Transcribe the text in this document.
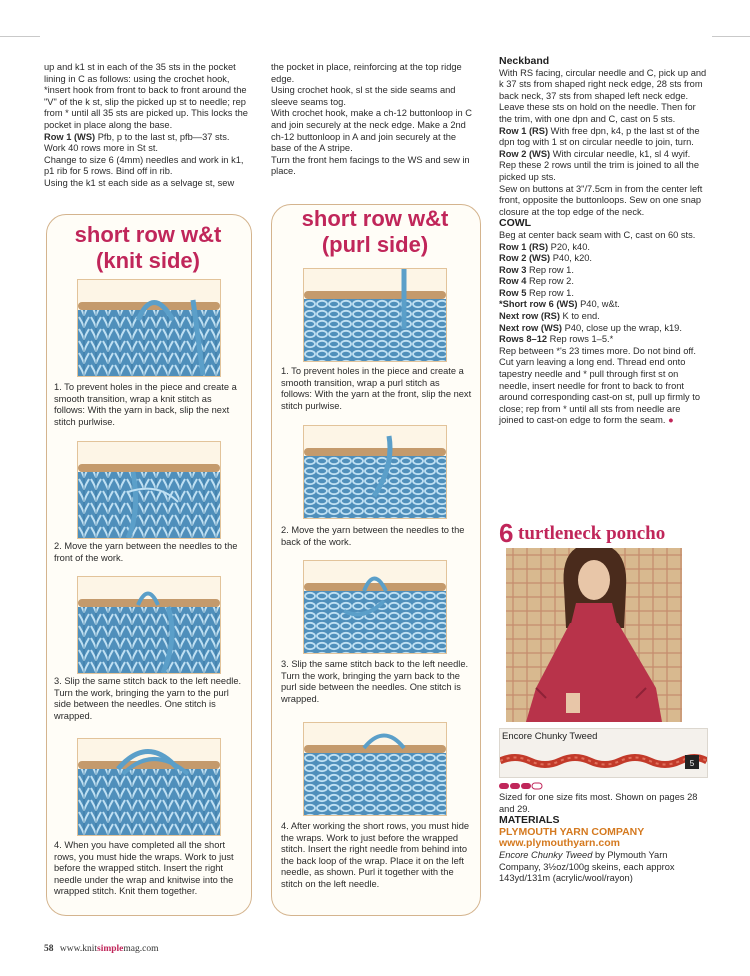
up and k1 st in each of the 35 sts in the pocket lining in C as follows: using the crochet hook, *insert hook from front to back to front around the "V" of the k st, slip the picked up st to needle; rep from * until all 35 sts are picked up. This locks the pocket in place along the base.

Row 1 (WS) Pfb, p to the last st, pfb—37 sts. Work 40 rows more in St st.

Change to size 6 (4mm) needles and work in k1, p1 rib for 5 rows. Bind off in rib.

Using the k1 st each side as a selvage st, sew

the pocket in place, reinforcing at the top ridge edge.

Using crochet hook, sl st the side seams and sleeve seams tog.

With crochet hook, make a ch-12 buttonloop in C and join securely at the neck edge. Make a 2nd ch-12 buttonloop in A and join securely at the base of the A stripe.

Turn the front hem facings to the WS and sew in place.

short row w&t
(knit side)
short row w&t
(purl side)
1. To prevent holes in the piece and create a smooth transition, wrap a knit stitch as follows: With the yarn in back, slip the next stitch purlwise.
2. Move the yarn between the needles to the front of the work.
3. Slip the same stitch back to the left needle. Turn the work, bringing the yarn to the purl side between the needles. One stitch is wrapped.
4. When you have completed all the short rows, you must hide the wraps. Work to just before the wrapped stitch. Insert the right needle under the wrap and knitwise into the wrapped stitch. Knit them together.
1. To prevent holes in the piece and create a smooth transition, wrap a purl stitch as follows: With the yarn at the front, slip the next stitch purlwise.
2. Move the yarn between the needles to the back of the work.
3. Slip the same stitch back to the left needle. Turn the work, bringing the yarn back to the purl side between the needles. One stitch is wrapped.
4. After working the short rows, you must hide the wraps. Work to just before the wrapped stitch. Insert the right needle from behind into the back loop of the wrap. Place it on the left needle, as shown. Purl it together with the stitch on the left needle.

Neckband

With RS facing, circular needle and C, pick up and k 37 sts from shaped right neck edge, 28 sts from back neck, 37 sts from shaped left neck edge. Leave these sts on hold on the needle. Then for the trim, with one dpn and C, cast on 5 sts.

Row 1 (RS) With free dpn, k4, p the last st of the dpn tog with 1 st on circular needle to join, turn.

Row 2 (WS) With circular needle, k1, sl 4 wyif. Rep these 2 rows until the trim is joined to all the picked up sts.

Sew on buttons at 3"/7.5cm in from the center left front, opposite the buttonloops. Sew on one snap closure at the top edge of the neck.

COWL

Beg at center back seam with C, cast on 60 sts.

Row 1 (RS) P20, k40.

Row 2 (WS) P40, k20.

Row 3 Rep row 1.

Row 4 Rep row 2.

Row 5 Rep row 1.

*Short row 6 (WS) P40, w&t.

Next row (RS) K to end.

Next row (WS) P40, close up the wrap, k19.

Rows 8–12 Rep rows 1–5.*

Rep between *'s 23 times more. Do not bind off. Cut yarn leaving a long end. Thread end onto tapestry needle and * pull through first st on needle, insert needle for front to back to front around corresponding cast-on st, pull up firmly to close; rep from * until all sts from needle are joined to cast-on edge to form the seam. ●

6 turtleneck poncho
5
Encore Chunky Tweed

Sized for one size fits most. Shown on pages 28 and 29.

MATERIALS

PLYMOUTH YARN COMPANY

www.plymouthyarn.com

Encore Chunky Tweed by Plymouth Yarn Company, 3½oz/100g skeins, each approx 143yd/131m (acrylic/wool/rayon)

58 www.knitsimplemag.com
